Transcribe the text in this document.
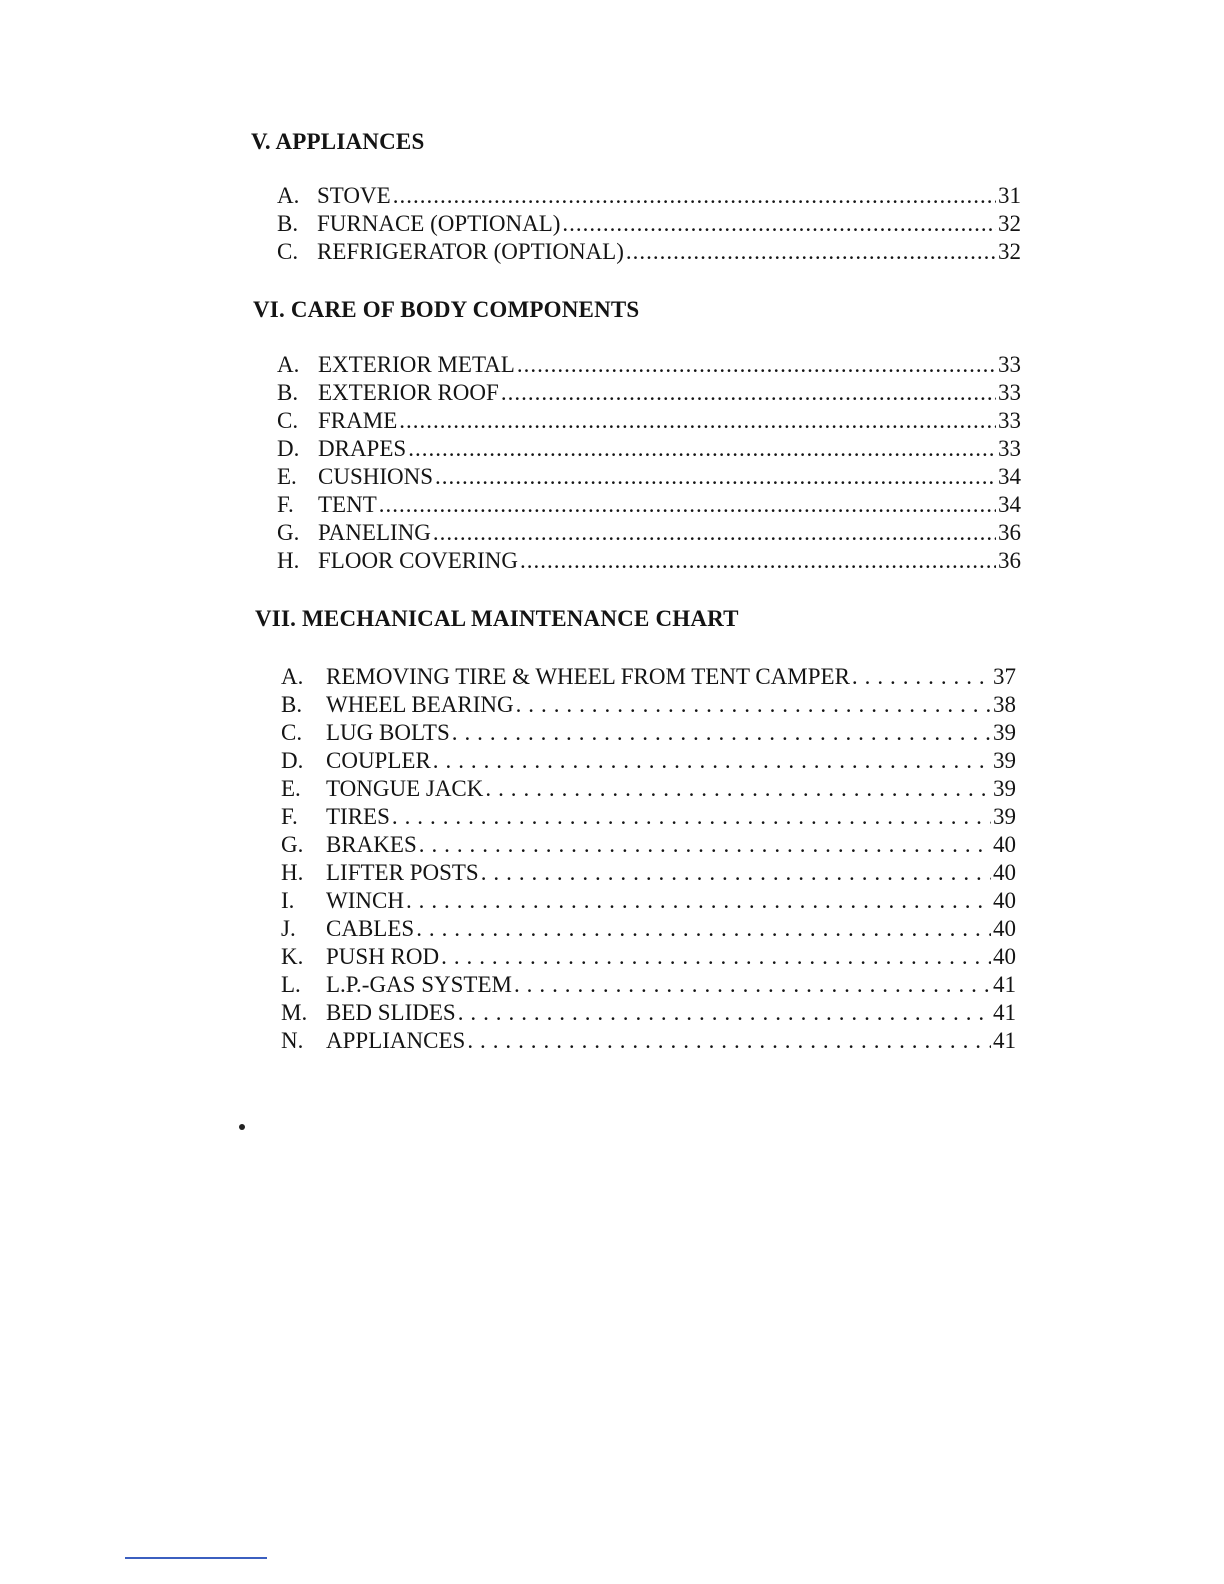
V. APPLIANCES
A. STOVE .....	31
B. FURNACE (OPTIONAL) .....	32
C. REFRIGERATOR (OPTIONAL) .....	32
VI. CARE OF BODY COMPONENTS
A. EXTERIOR METAL .....	33
B. EXTERIOR ROOF .....	33
C. FRAME .....	33
D. DRAPES .....	33
E. CUSHIONS .....	34
F.	TENT .....	34
G. PANELING .....	36
H. FLOOR COVERING .....	36
VII. MECHANICAL MAINTENANCE CHART
A. REMOVING TIRE & WHEEL FROM TENT CAMPER . . .	37
B.	WHEEL BEARING . . .	38
C.	LUG BOLTS . . .	39
D. COUPLER . . .	39
E.	TONGUE JACK . . .	39
F.	TIRES . . .	39
G. BRAKES . . .	40
H. LIFTER POSTS . . .	40
I.	WINCH . . .	40
J.	CABLES . . .	40
K. PUSH ROD . . .	40
L.	L.P.-GAS SYSTEM . . .	41
M. BED SLIDES . . .	41
N. APPLIANCES . . .	41
